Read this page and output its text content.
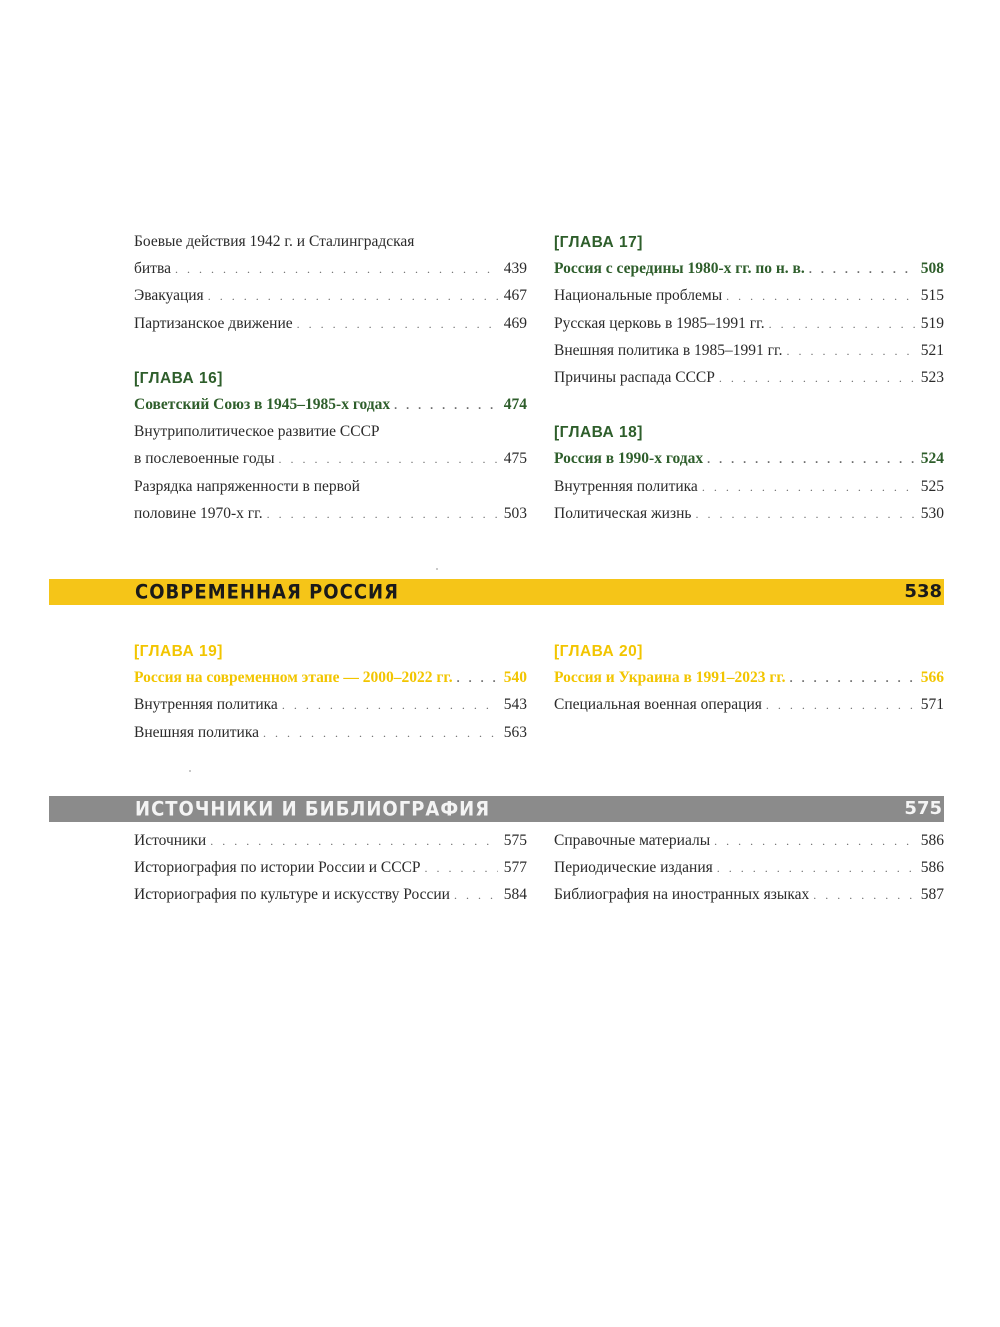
Боевые действия 1942 г. и Сталинградская
битва . . .	439
Эвакуация . . .	467
Партизанское движение . . .	469
[ГЛАВА 16]
Советский Союз в 1945–1985-х годах . . .	474
Внутриполитическое развитие СССР
в послевоенные годы . . .	475
Разрядка напряженности в первой
половине 1970-х гг. . . .	503
[ГЛАВА 17]
Россия с середины 1980-х гг. по н. в. . . .	508
Национальные проблемы . . .	515
Русская церковь в 1985–1991 гг. . . .	519
Внешняя политика в 1985–1991 гг. . . .	521
Причины распада СССР . . .	523
[ГЛАВА 18]
Россия в 1990-х годах . . .	524
Внутренняя политика . . .	525
Политическая жизнь . . .	530
СОВРЕМЕННАЯ РОССИЯ	538
[ГЛАВА 19]
Россия на современном этапе — 2000–2022 гг. . . .	540
Внутренняя политика . . .	543
Внешняя политика . . .	563
[ГЛАВА 20]
Россия и Украина в 1991–2023 гг. . . .	566
Специальная военная операция . . .	571
ИСТОЧНИКИ И БИБЛИОГРАФИЯ	575
Источники . . .	575
Историография по истории России и СССР . . .	577
Историография по культуре и искусству России . . .	584
Справочные материалы . . .	586
Периодические издания . . .	586
Библиография на иностранных языках . . .	587
